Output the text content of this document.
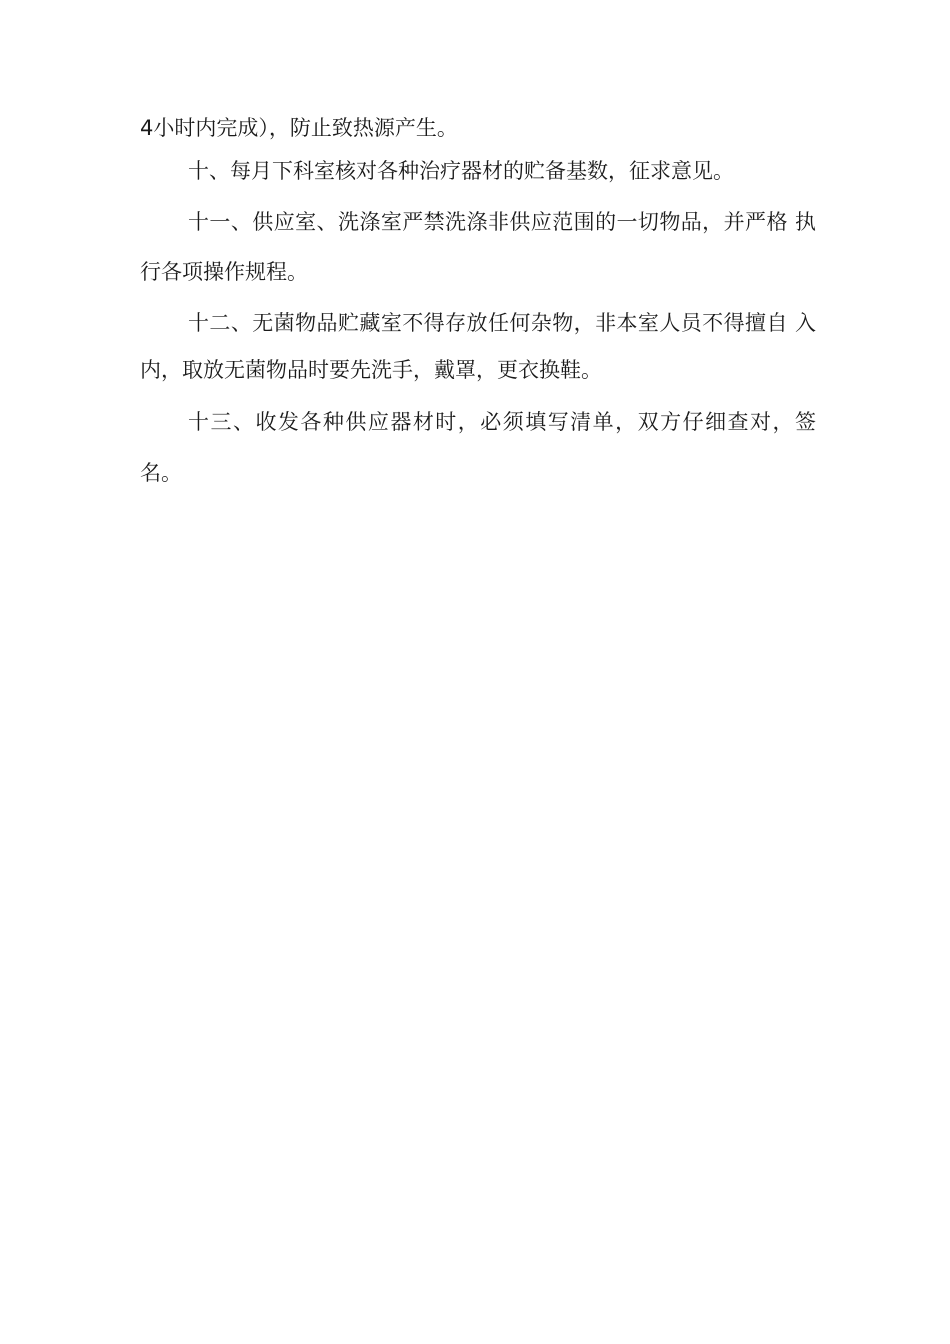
4小时内完成），防止致热源产生。
十、每月下科室核对各种治疗器材的贮备基数，征求意见。
十一、供应室、洗涤室严禁洗涤非供应范围的一切物品，并严格 执
行各项操作规程。
十二、无菌物品贮藏室不得存放任何杂物，非本室人员不得擅自 入
内，取放无菌物品时要先洗手，戴罩，更衣换鞋。
十三、收发各种供应器材时，必须填写清单，双方仔细查对，签
名。
